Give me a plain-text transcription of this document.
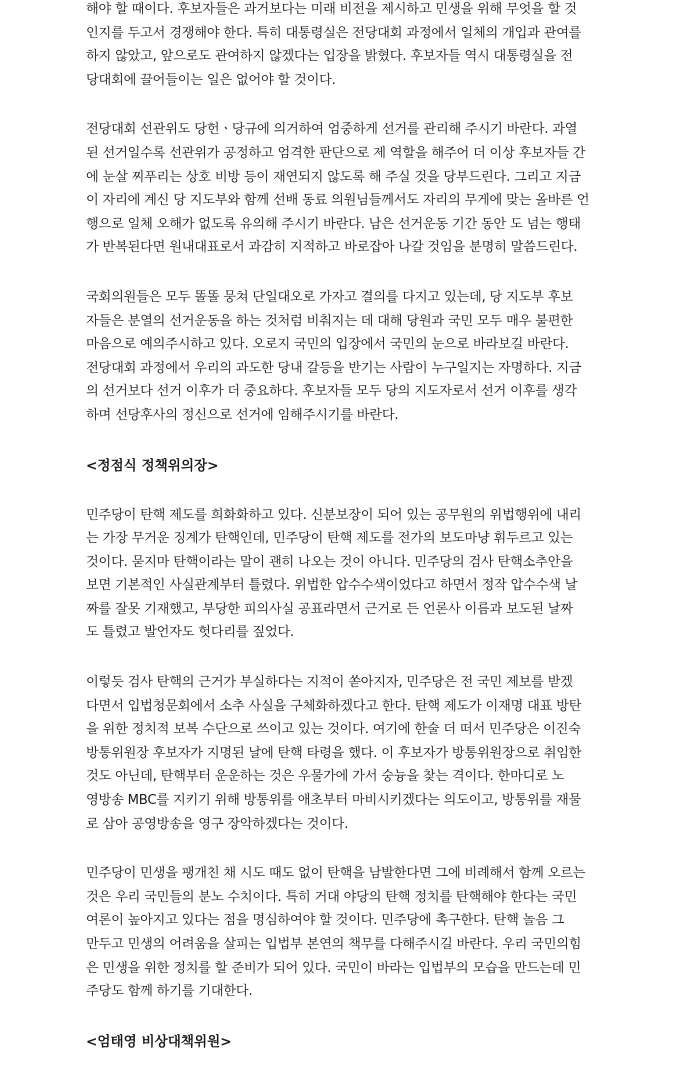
해야 할 때이다. 후보자들은 과거보다는 미래 비전을 제시하고 민생을 위해 무엇을 할 것
인지를 두고서 경쟁해야 한다. 특히 대통령실은 전당대회 과정에서 일체의 개입과 관여를
하지 않았고, 앞으로도 관여하지 않겠다는 입장을 밝혔다. 후보자들 역시 대통령실을 전
당대회에 끌어들이는 일은 없어야 할 것이다.
전당대회 선관위도 당헌ㆍ당규에 의거하여 엄중하게 선거를 관리해 주시기 바란다. 과열
된 선거일수록 선관위가 공정하고 엄격한 판단으로 제 역할을 해주어 더 이상 후보자들 간
에 눈살 찌푸리는 상호 비방 등이 재연되지 않도록 해 주실 것을 당부드린다. 그리고 지금
이 자리에 계신 당 지도부와 함께 선배 동료 의원님들께서도 자리의 무게에 맞는 올바른 언
행으로 일체 오해가 없도록 유의해 주시기 바란다. 남은 선거운동 기간 동안 도 넘는 행태
가 반복된다면 원내대표로서 과감히 지적하고 바로잡아 나갈 것임을 분명히 말씀드린다.
국회의원들은 모두 똘똘 뭉쳐 단일대오로 가자고 결의를 다지고 있는데, 당 지도부 후보
자들은 분열의 선거운동을 하는 것처럼 비춰지는 데 대해 당원과 국민 모두 매우 불편한
마음으로 예의주시하고 있다. 오로지 국민의 입장에서 국민의 눈으로 바라보길 바란다.
전당대회 과정에서 우리의 과도한 당내 갈등을 반기는 사람이 누구일지는 자명하다. 지금
의 선거보다 선거 이후가 더 중요하다. 후보자들 모두 당의 지도자로서 선거 이후를 생각
하며 선당후사의 정신으로 선거에 임해주시기를 바란다.
<정점식 정책위의장>
민주당이 탄핵 제도를 희화화하고 있다. 신분보장이 되어 있는 공무원의 위법행위에 내리
는 가장 무거운 징계가 탄핵인데, 민주당이 탄핵 제도를 전가의 보도마냥 휘두르고 있는
것이다. 묻지마 탄핵이라는 말이 괜히 나오는 것이 아니다. 민주당의 검사 탄핵소추안을
보면 기본적인 사실관계부터 틀렸다. 위법한 압수수색이었다고 하면서 정작 압수수색 날
짜를 잘못 기재했고, 부당한 피의사실 공표라면서 근거로 든 언론사 이름과 보도된 날짜
도 틀렸고 발언자도 헛다리를 짚었다.
이렇듯 검사 탄핵의 근거가 부실하다는 지적이 쏟아지자, 민주당은 전 국민 제보를 받겠
다면서 입법청문회에서 소추 사실을 구체화하겠다고 한다. 탄핵 제도가 이재명 대표 방탄
을 위한 정치적 보복 수단으로 쓰이고 있는 것이다. 여기에 한술 더 떠서 민주당은 이진숙
방통위원장 후보자가 지명된 날에 탄핵 타령을 했다. 이 후보자가 방통위원장으로 취임한
것도 아닌데, 탄핵부터 운운하는 것은 우물가에 가서 숭늉을 찾는 격이다. 한마디로 노
영방송 MBC를 지키기 위해 방통위를 애초부터 마비시키겠다는 의도이고, 방통위를 재물
로 삼아 공영방송을 영구 장악하겠다는 것이다.
민주당이 민생을 팽개친 채 시도 때도 없이 탄핵을 남발한다면 그에 비례해서 함께 오르는
것은 우리 국민들의 분노 수치이다. 특히 거대 야당의 탄핵 정치를 탄핵해야 한다는 국민
여론이 높아지고 있다는 점을 명심하여야 할 것이다. 민주당에 촉구한다. 탄핵 놀음 그
만두고 민생의 어려움을 살피는 입법부 본연의 책무를 다해주시길 바란다. 우리 국민의힘
은 민생을 위한 정치를 할 준비가 되어 있다. 국민이 바라는 입법부의 모습을 만드는데 민
주당도 함께 하기를 기대한다.
<엄태영 비상대책위원>
